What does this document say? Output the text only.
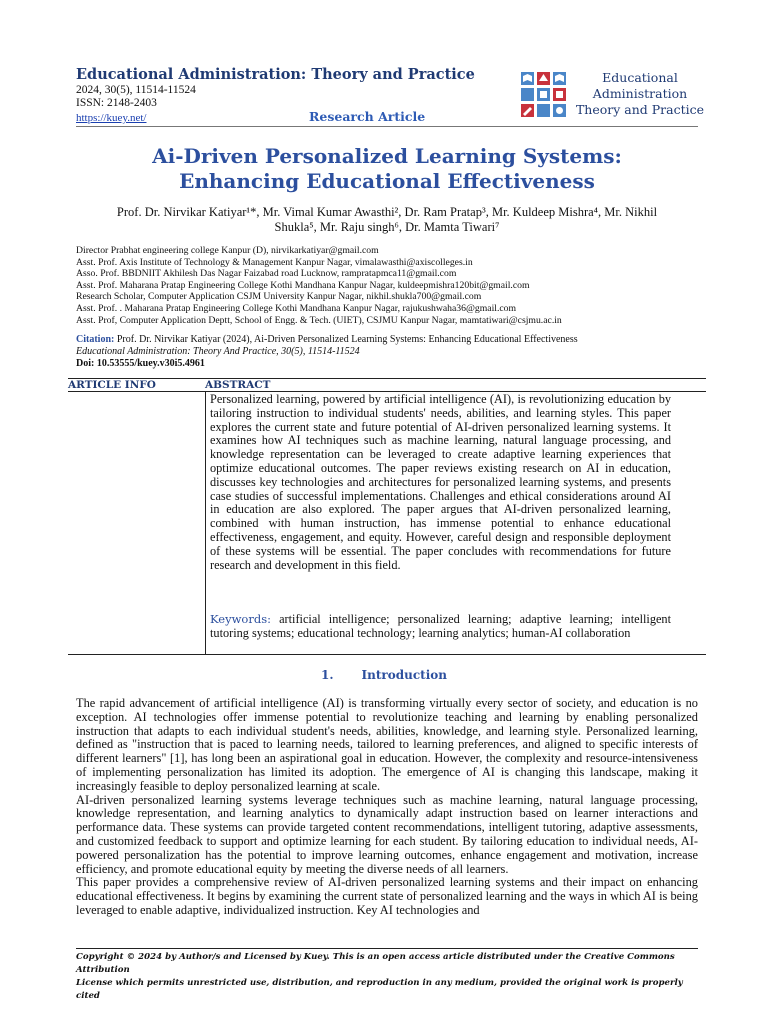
Educational Administration: Theory and Practice
2024, 30(5), 11514-11524
ISSN: 2148-2403
https://kuey.net/	Research Article
Educational
Administration
Theory and Practice
Ai-Driven Personalized Learning Systems:
Enhancing Educational Effectiveness
Prof. Dr. Nirvikar Katiyar¹*, Mr. Vimal Kumar Awasthi², Dr. Ram Pratap³, Mr. Kuldeep Mishra⁴, Mr. Nikhil
Shukla⁵, Mr. Raju singh⁶, Dr. Mamta Tiwari⁷
Director Prabhat engineering college Kanpur (D), nirvikarkatiyar@gmail.com
Asst. Prof. Axis Institute of Technology & Management Kanpur Nagar, vimalawasthi@axiscolleges.in
Asso. Prof. BBDNIIT Akhilesh Das Nagar Faizabad road Lucknow, rampratapmca11@gmail.com
Asst. Prof. Maharana Pratap Engineering College Kothi Mandhana Kanpur Nagar, kuldeepmishra120bit@gmail.com
Research Scholar, Computer Application CSJM University Kanpur Nagar, nikhil.shukla700@gmail.com
Asst. Prof. . Maharana Pratap Engineering College Kothi Mandhana Kanpur Nagar, rajukushwaha36@gmail.com
Asst. Prof, Computer Application Deptt, School of Engg. & Tech. (UIET), CSJMU Kanpur Nagar, mamtatiwari@csjmu.ac.in
Citation: Prof. Dr. Nirvikar Katiyar (2024), Ai-Driven Personalized Learning Systems: Enhancing Educational Effectiveness
Educational Administration: Theory And Practice, 30(5), 11514-11524
Doi: 10.53555/kuey.v30i5.4961
ARTICLE INFO	ABSTRACT
Personalized learning, powered by artificial intelligence (AI), is revolutionizing education by tailoring instruction to individual students' needs, abilities, and learning styles. This paper explores the current state and future potential of AI-driven personalized learning systems. It examines how AI techniques such as machine learning, natural language processing, and knowledge representation can be leveraged to create adaptive learning experiences that optimize educational outcomes. The paper reviews existing research on AI in education, discusses key technologies and architectures for personalized learning systems, and presents case studies of successful implementations. Challenges and ethical considerations around AI in education are also explored. The paper argues that AI-driven personalized learning, combined with human instruction, has immense potential to enhance educational effectiveness, engagement, and equity. However, careful design and responsible deployment of these systems will be essential. The paper concludes with recommendations for future research and development in this field.
Keywords: artificial intelligence; personalized learning; adaptive learning; intelligent tutoring systems; educational technology; learning analytics; human-AI collaboration
1. Introduction

The rapid advancement of artificial intelligence (AI) is transforming virtually every sector of society, and education is no exception. AI technologies offer immense potential to revolutionize teaching and learning by enabling personalized instruction that adapts to each individual student's needs, abilities, knowledge, and learning style. Personalized learning, defined as "instruction that is paced to learning needs, tailored to learning preferences, and aligned to specific interests of different learners" [1], has long been an aspirational goal in education. However, the complexity and resource-intensiveness of implementing personalization has limited its adoption. The emergence of AI is changing this landscape, making it increasingly feasible to deploy personalized learning at scale.

AI-driven personalized learning systems leverage techniques such as machine learning, natural language processing, knowledge representation, and learning analytics to dynamically adapt instruction based on learner interactions and performance data. These systems can provide targeted content recommendations, intelligent tutoring, adaptive assessments, and customized feedback to support and optimize learning for each student. By tailoring education to individual needs, AI-powered personalization has the potential to improve learning outcomes, enhance engagement and motivation, increase efficiency, and promote educational equity by meeting the diverse needs of all learners.

This paper provides a comprehensive review of AI-driven personalized learning systems and their impact on enhancing educational effectiveness. It begins by examining the current state of personalized learning and the ways in which AI is being leveraged to enable adaptive, individualized instruction. Key AI technologies and

Copyright © 2024 by Author/s and Licensed by Kuey. This is an open access article distributed under the Creative Commons Attribution
License which permits unrestricted use, distribution, and reproduction in any medium, provided the original work is properly cited
